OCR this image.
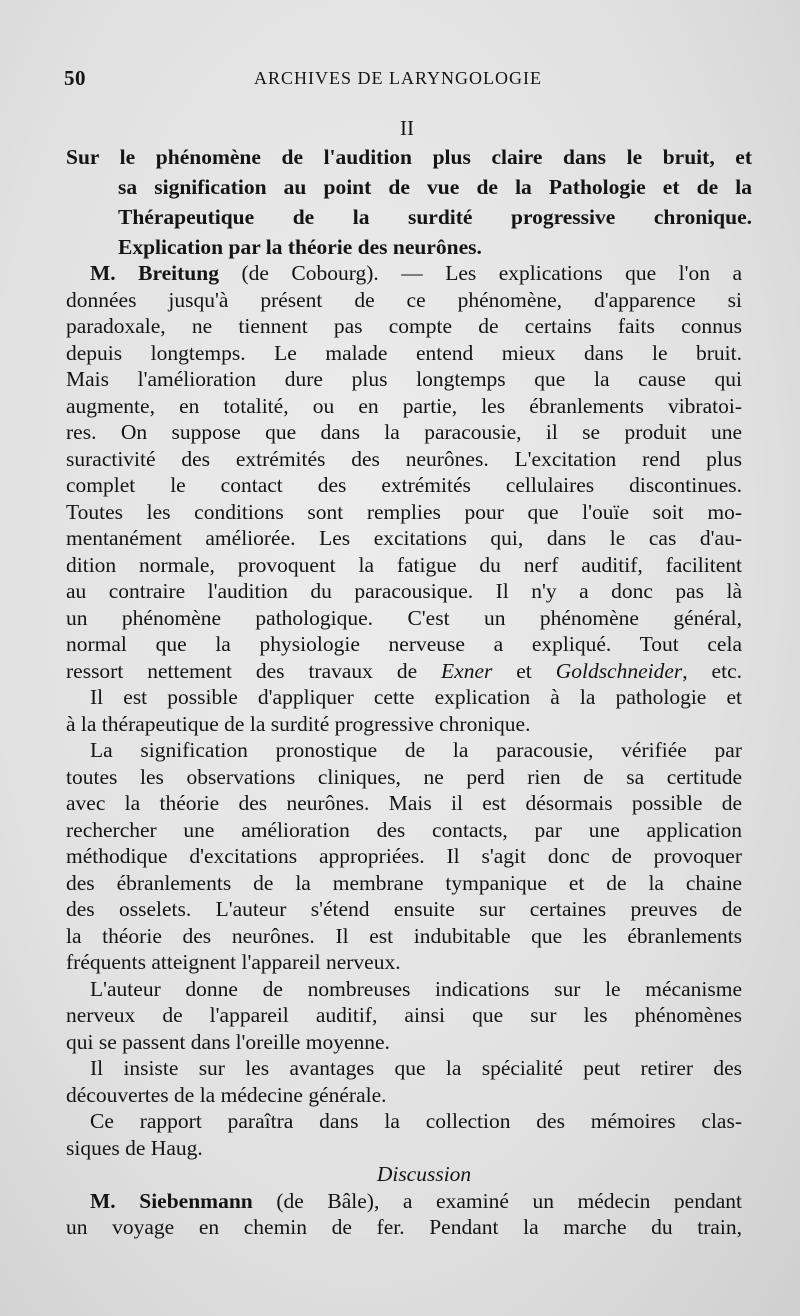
50	ARCHIVES DE LARYNGOLOGIE
II
Sur le phénomène de l'audition plus claire dans le bruit, et
sa signification au point de vue de la Pathologie et de la
Thérapeutique de la surdité progressive chronique.
Explication par la théorie des neurônes.
M. Breitung (de Cobourg). — Les explications que l'on a
données jusqu'à présent de ce phénomène, d'apparence si
paradoxale, ne tiennent pas compte de certains faits connus
depuis longtemps. Le malade entend mieux dans le bruit.
Mais l'amélioration dure plus longtemps que la cause qui
augmente, en totalité, ou en partie, les ébranlements vibratoi-
res. On suppose que dans la paracousie, il se produit une
suractivité des extrémités des neurônes. L'excitation rend plus
complet le contact des extrémités cellulaires discontinues.
Toutes les conditions sont remplies pour que l'ouïe soit mo-
mentanément améliorée. Les excitations qui, dans le cas d'au-
dition normale, provoquent la fatigue du nerf auditif, facilitent
au contraire l'audition du paracousique. Il n'y a donc pas là
un phénomène pathologique. C'est un phénomène général,
normal que la physiologie nerveuse a expliqué. Tout cela
ressort nettement des travaux de Exner et Goldschneider, etc.
Il est possible d'appliquer cette explication à la pathologie et
à la thérapeutique de la surdité progressive chronique.
La signification pronostique de la paracousie, vérifiée par
toutes les observations cliniques, ne perd rien de sa certitude
avec la théorie des neurônes. Mais il est désormais possible de
rechercher une amélioration des contacts, par une application
méthodique d'excitations appropriées. Il s'agit donc de provoquer
des ébranlements de la membrane tympanique et de la chaine
des osselets. L'auteur s'étend ensuite sur certaines preuves de
la théorie des neurônes. Il est indubitable que les ébranlements
fréquents atteignent l'appareil nerveux.
L'auteur donne de nombreuses indications sur le mécanisme
nerveux de l'appareil auditif, ainsi que sur les phénomènes
qui se passent dans l'oreille moyenne.
Il insiste sur les avantages que la spécialité peut retirer des
découvertes de la médecine générale.
Ce rapport paraîtra dans la collection des mémoires clas-
siques de Haug.
Discussion
M. Siebenmann (de Bâle), a examiné un médecin pendant
un voyage en chemin de fer. Pendant la marche du train,
